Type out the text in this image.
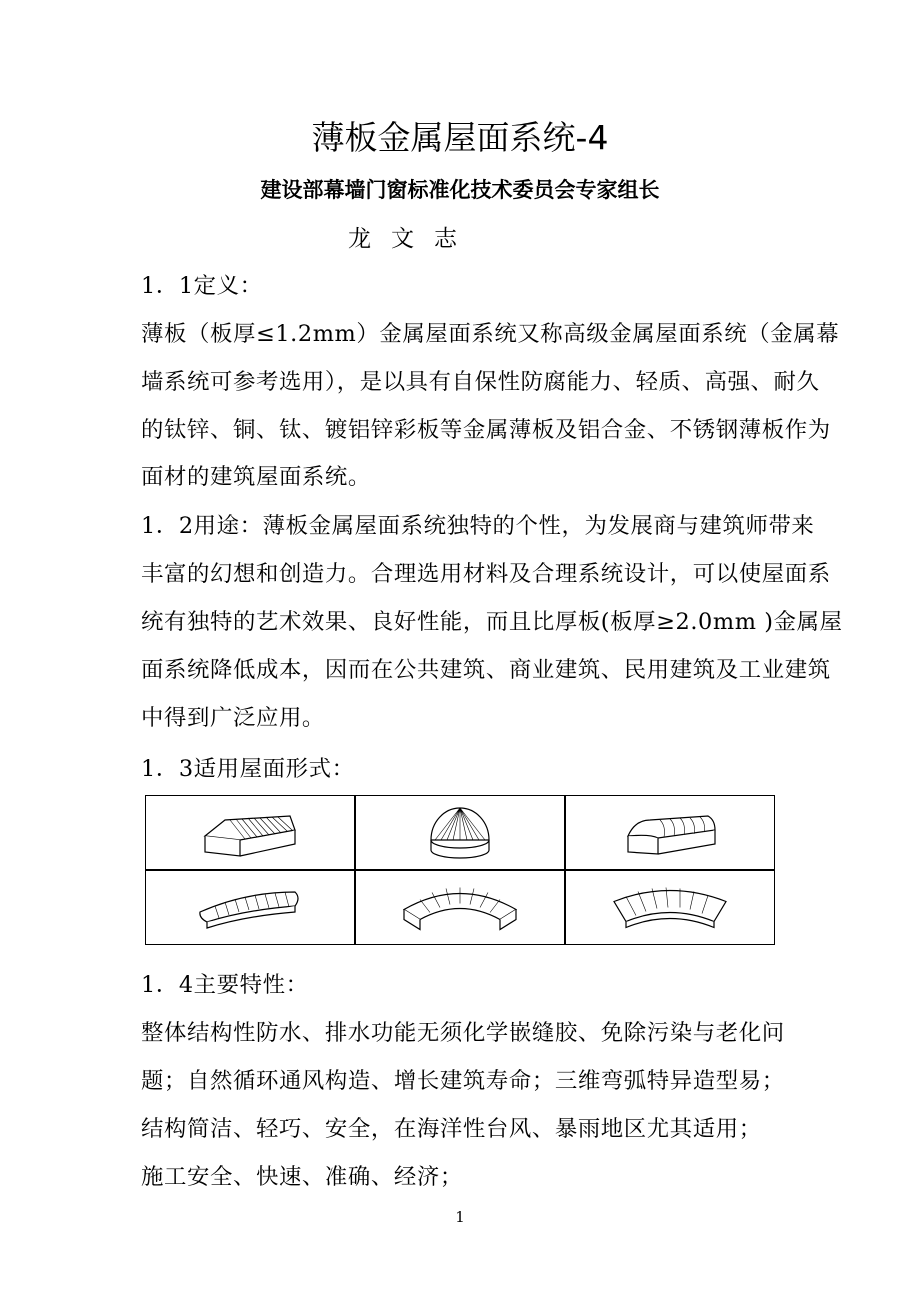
薄板金属屋面系统-4
建设部幕墙门窗标准化技术委员会专家组长
龙文志
1．1定义：
薄板（板厚≤1.2mm）金属屋面系统又称高级金属屋面系统（金属幕
墙系统可参考选用），是以具有自保性防腐能力、轻质、高强、耐久
的钛锌、铜、钛、镀铝锌彩板等金属薄板及铝合金、不锈钢薄板作为
面材的建筑屋面系统。
1．2用途：薄板金属屋面系统独特的个性，为发展商与建筑师带来
丰富的幻想和创造力。合理选用材料及合理系统设计，可以使屋面系
统有独特的艺术效果、良好性能，而且比厚板(板厚≥2.0mm )金属屋
面系统降低成本，因而在公共建筑、商业建筑、民用建筑及工业建筑
中得到广泛应用。
1．3适用屋面形式：
1．4主要特性：
整体结构性防水、排水功能无须化学嵌缝胶、免除污染与老化问
题；自然循环通风构造、增长建筑寿命；三维弯弧特异造型易；
结构简洁、轻巧、安全，在海洋性台风、暴雨地区尤其适用；
施工安全、快速、准确、经济；
1
